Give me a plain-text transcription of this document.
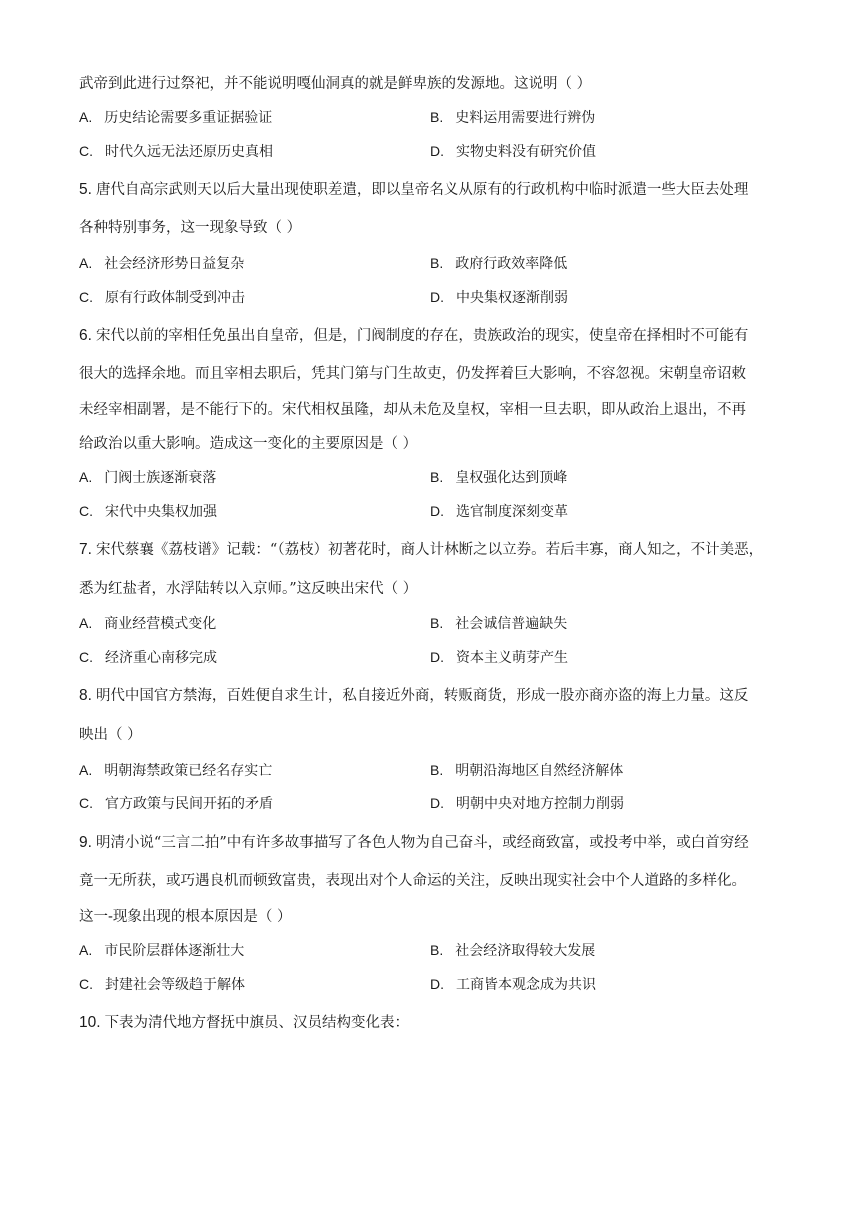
武帝到此进行过祭祀，并不能说明嘎仙洞真的就是鲜卑族的发源地。这说明（ ）
A. 历史结论需要多重证据验证	B. 史料运用需要进行辨伪
C. 时代久远无法还原历史真相	D. 实物史料没有研究价值
5. 唐代自高宗武则天以后大量出现使职差遣，即以皇帝名义从原有的行政机构中临时派遣一些大臣去处理
各种特别事务，这一现象导致（ ）
A. 社会经济形势日益复杂	B. 政府行政效率降低
C. 原有行政体制受到冲击	D. 中央集权逐渐削弱
6. 宋代以前的宰相任免虽出自皇帝，但是，门阀制度的存在，贵族政治的现实，使皇帝在择相时不可能有
很大的选择余地。而且宰相去职后，凭其门第与门生故吏，仍发挥着巨大影响，不容忽视。宋朝皇帝诏敕
未经宰相副署，是不能行下的。宋代相权虽隆，却从未危及皇权，宰相一旦去职，即从政治上退出，不再
给政治以重大影响。造成这一变化的主要原因是（ ）
A. 门阀士族逐渐衰落	B. 皇权强化达到顶峰
C. 宋代中央集权加强	D. 选官制度深刻变革
7. 宋代蔡襄《荔枝谱》记载：“（荔枝）初著花时，商人计林断之以立券。若后丰寡，商人知之，不计美恶，
悉为红盐者，水浮陆转以入京师。”这反映出宋代（ ）
A. 商业经营模式变化	B. 社会诚信普遍缺失
C. 经济重心南移完成	D. 资本主义萌芽产生
8. 明代中国官方禁海，百姓便自求生计，私自接近外商，转贩商货，形成一股亦商亦盗的海上力量。这反
映出（ ）
A. 明朝海禁政策已经名存实亡	B. 明朝沿海地区自然经济解体
C. 官方政策与民间开拓的矛盾	D. 明朝中央对地方控制力削弱
9. 明清小说“三言二拍”中有许多故事描写了各色人物为自己奋斗，或经商致富，或投考中举，或白首穷经
竟一无所获，或巧遇良机而顿致富贵，表现出对个人命运的关注，反映出现实社会中个人道路的多样化。
这一-现象出现的根本原因是（ ）
A. 市民阶层群体逐渐壮大	B. 社会经济取得较大发展
C. 封建社会等级趋于解体	D. 工商皆本观念成为共识
10. 下表为清代地方督抚中旗员、汉员结构变化表：
